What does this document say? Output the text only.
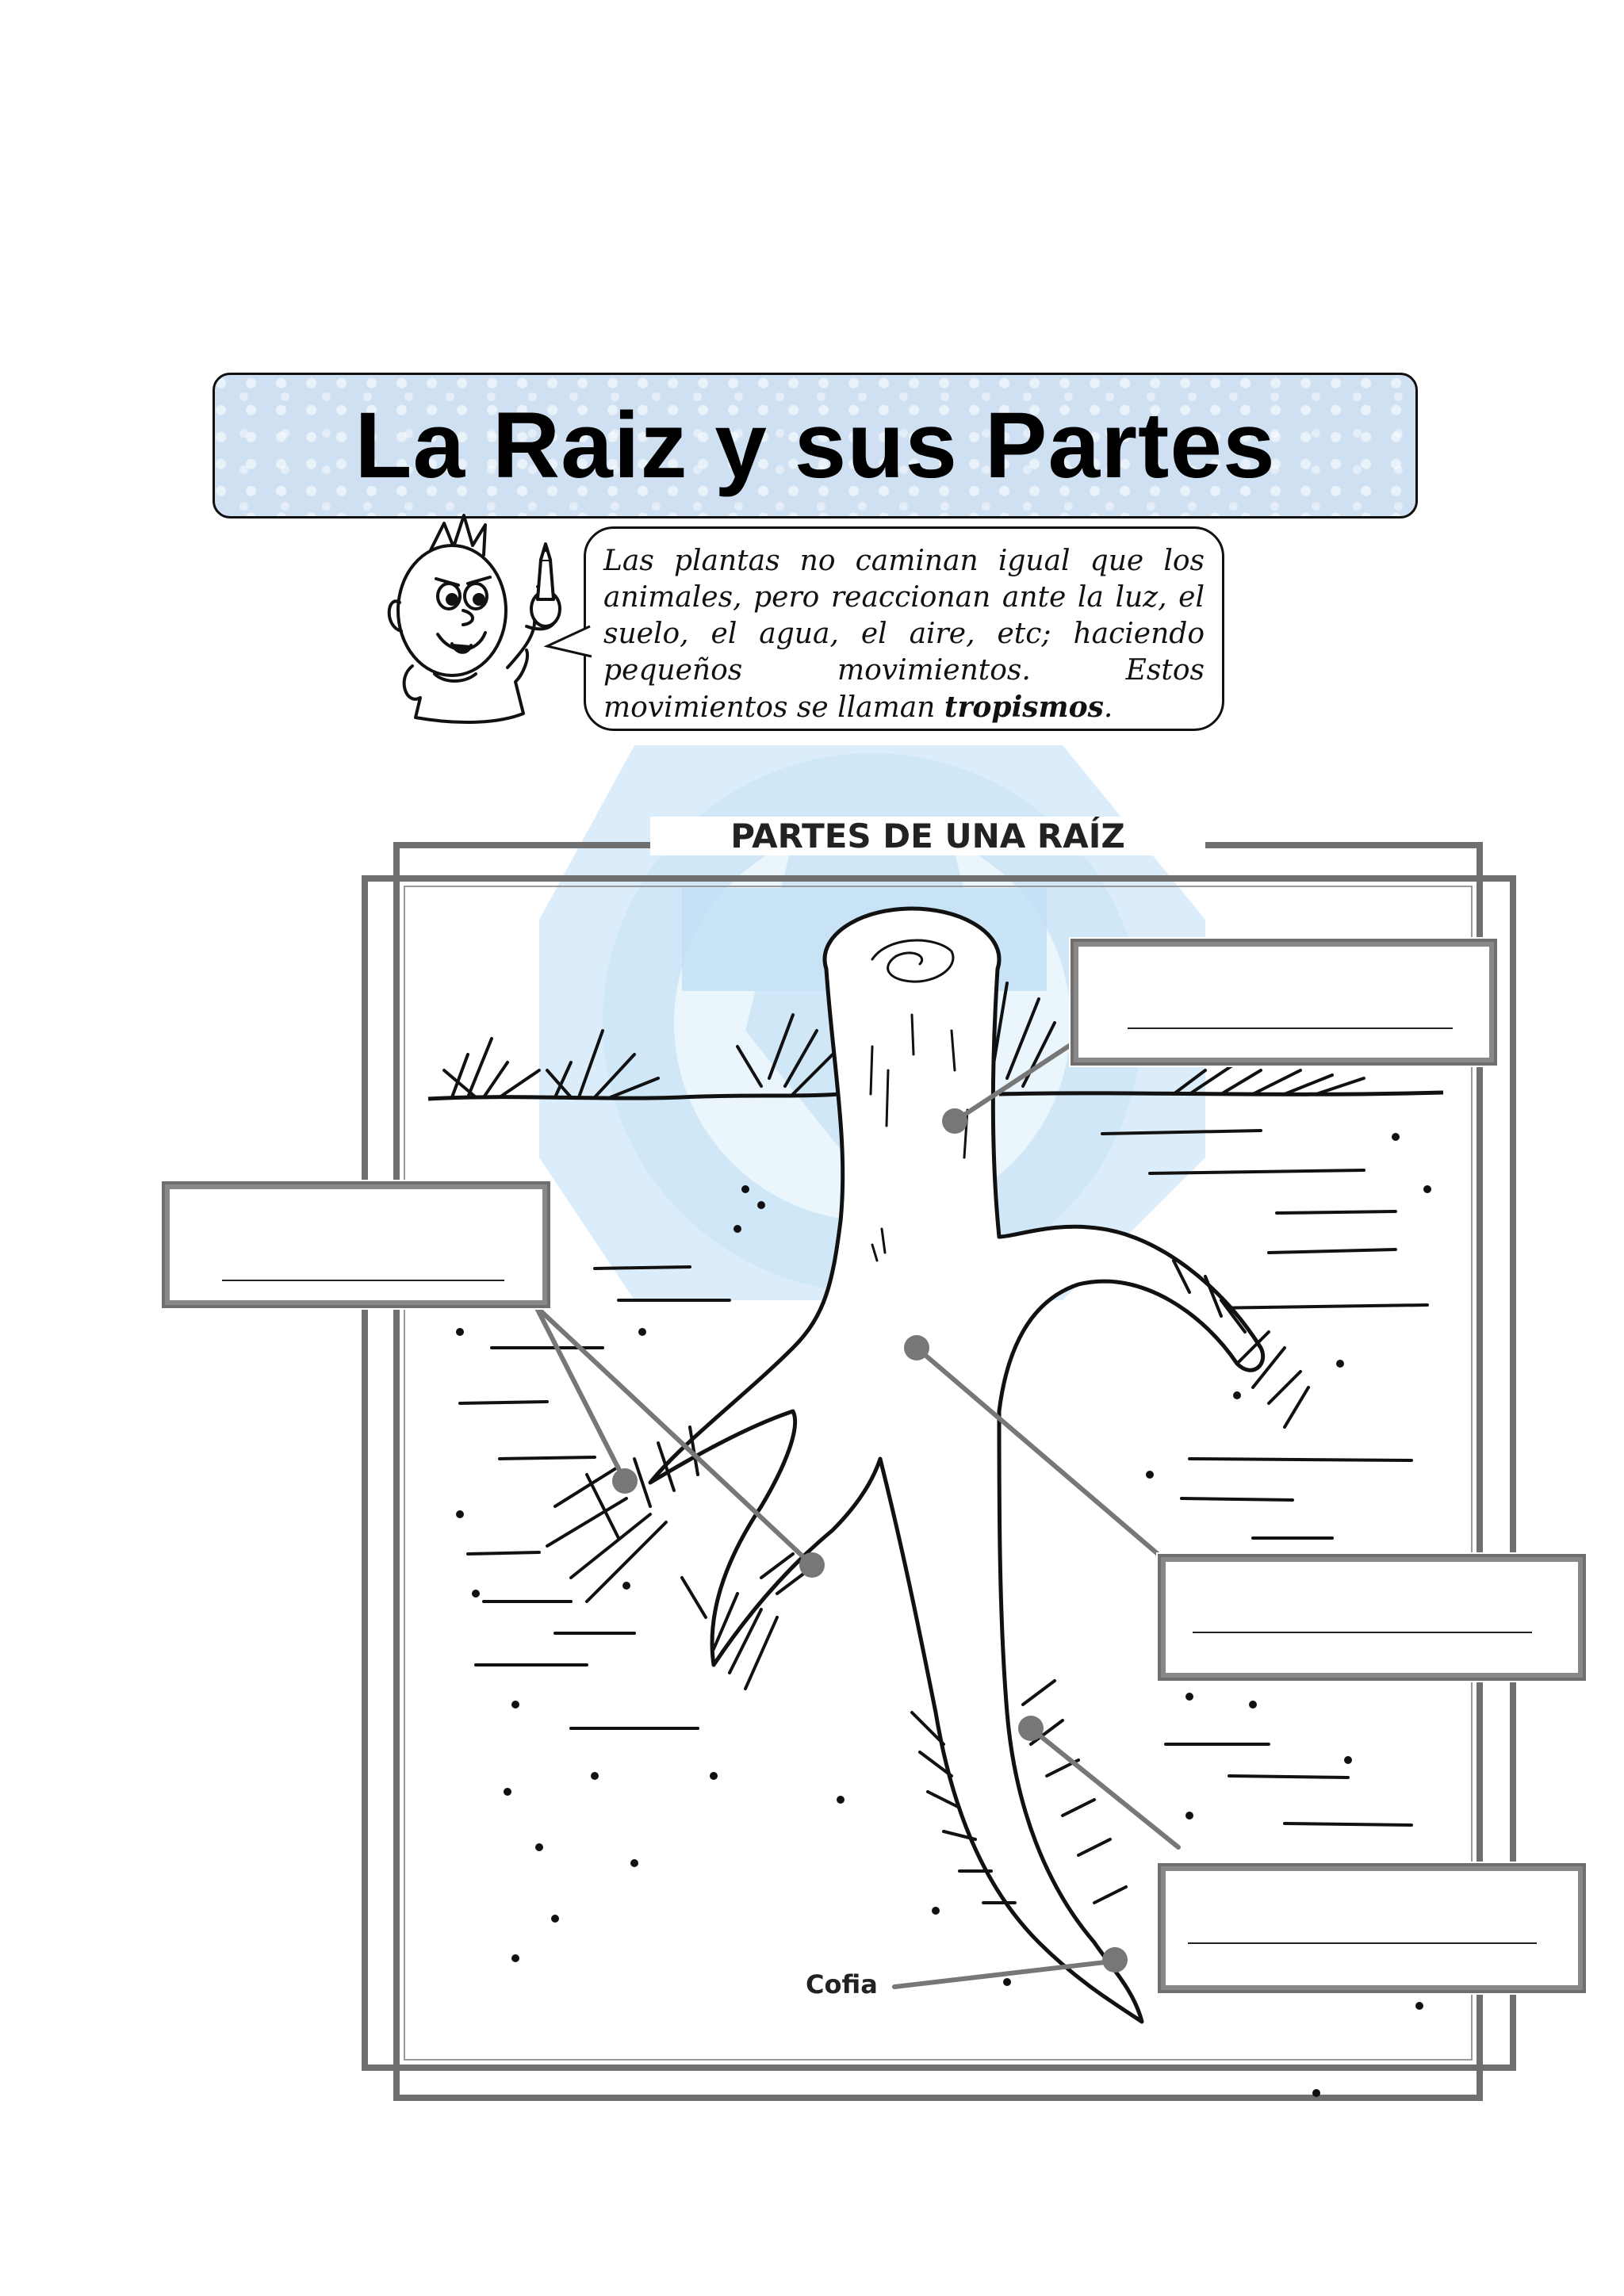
La Raiz y sus Partes

Las plantas no caminan igual que los animales, pero reaccionan ante la luz, el suelo, el agua, el aire, etc; haciendo pequeños movimientos. Estos movimientos se llaman tropismos.

PARTES DE UNA RAÍZ
Cofia
